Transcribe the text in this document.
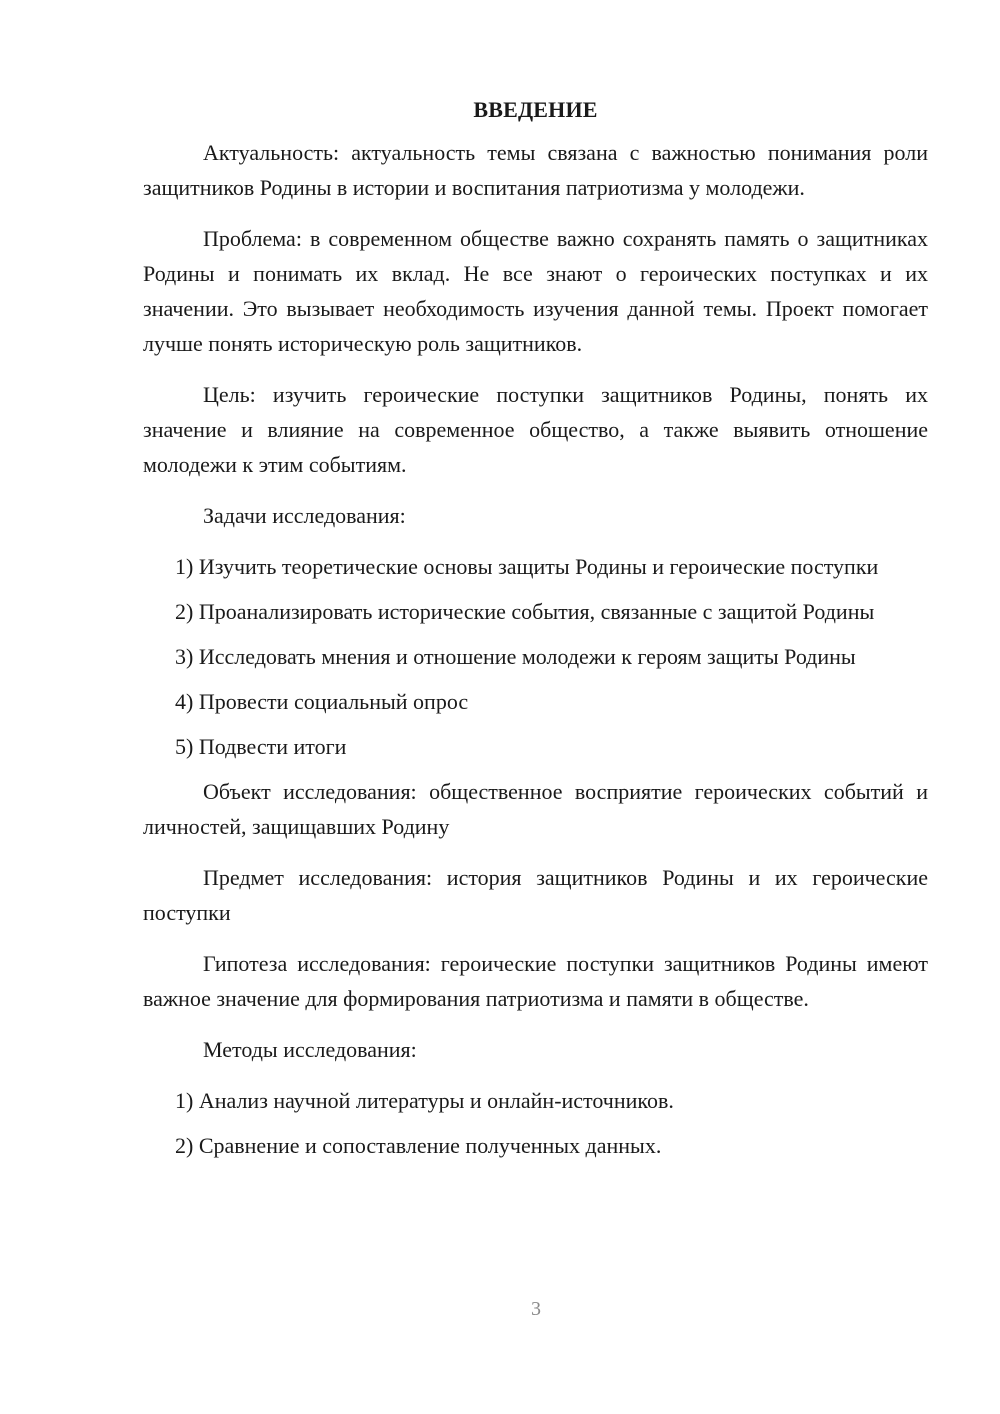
ВВЕДЕНИЕ

Актуальность: актуальность темы связана с важностью понимания роли защитников Родины в истории и воспитания патриотизма у молодежи.

Проблема: в современном обществе важно сохранять память о защитниках Родины и понимать их вклад. Не все знают о героических поступках и их значении. Это вызывает необходимость изучения данной темы. Проект помогает лучше понять историческую роль защитников.

Цель: изучить героические поступки защитников Родины, понять их значение и влияние на современное общество, а также выявить отношение молодежи к этим событиям.

Задачи исследования:

1) Изучить теоретические основы защиты Родины и героические поступки

2) Проанализировать исторические события, связанные с защитой Родины

3) Исследовать мнения и отношение молодежи к героям защиты Родины

4) Провести социальный опрос

5) Подвести итоги

Объект исследования: общественное восприятие героических событий и личностей, защищавших Родину

Предмет исследования: история защитников Родины и их героические поступки

Гипотеза исследования: героические поступки защитников Родины имеют важное значение для формирования патриотизма и памяти в обществе.

Методы исследования:

1) Анализ научной литературы и онлайн-источников.

2) Сравнение и сопоставление полученных данных.

3
